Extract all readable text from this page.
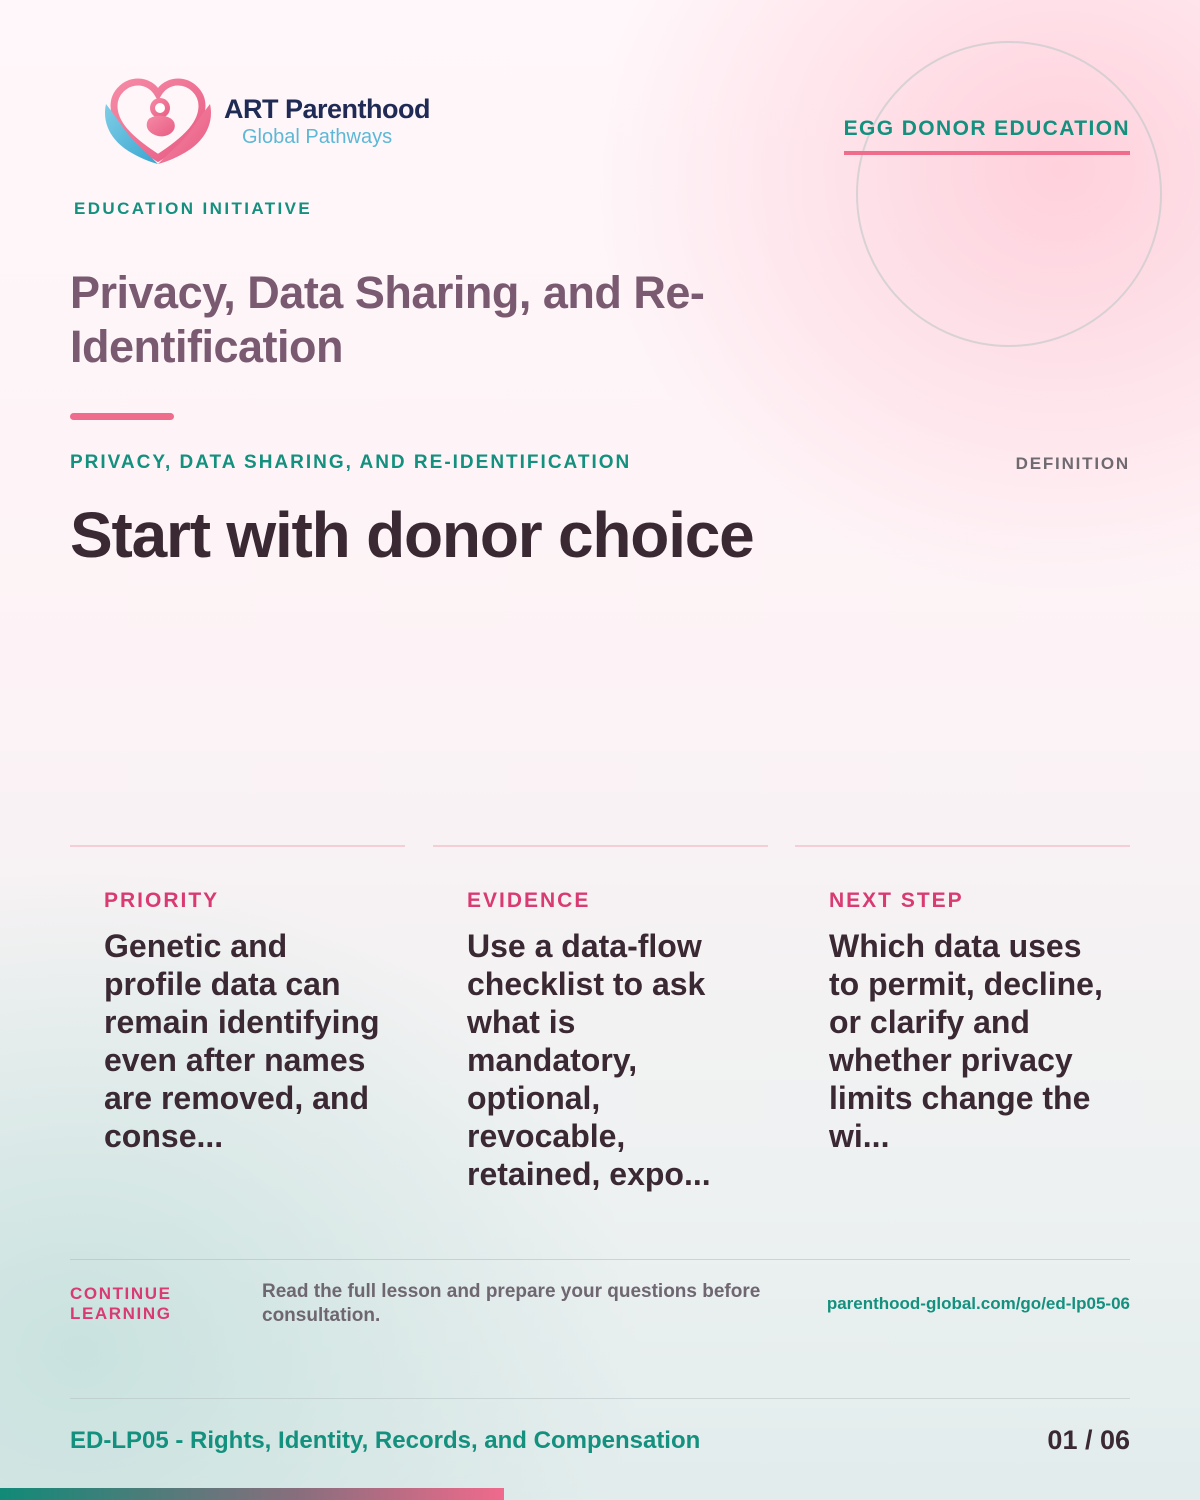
ART Parenthood
Global Pathways
EDUCATION INITIATIVE
EGG DONOR EDUCATION
Privacy, Data Sharing, and Re-Identification
PRIVACY, DATA SHARING, AND RE-IDENTIFICATION	DEFINITION
Start with donor choice
PRIORITY
Genetic and profile data can remain identifying even after names are removed, and conse...
EVIDENCE
Use a data-flow checklist to ask what is mandatory, optional, revocable, retained, expo...
NEXT STEP
Which data uses to permit, decline, or clarify and whether privacy limits change the wi...
CONTINUE LEARNING
Read the full lesson and prepare your questions before consultation.
parenthood-global.com/go/ed-lp05-06
ED-LP05 - Rights, Identity, Records, and Compensation	01 / 06
